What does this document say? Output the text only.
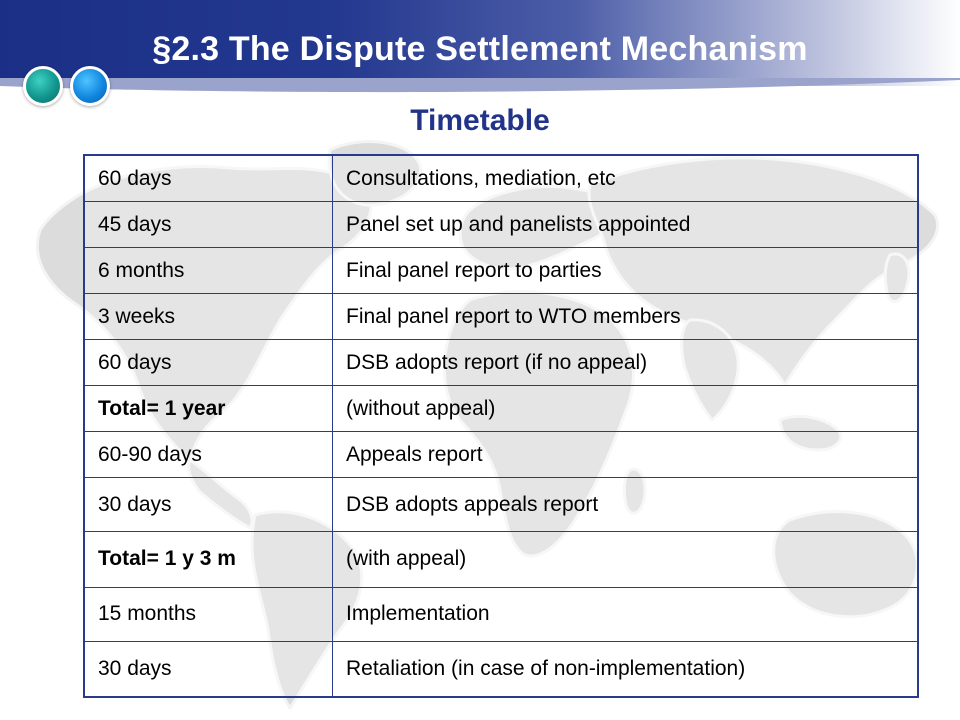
§2.3 The Dispute Settlement Mechanism
Timetable
60 days	Consultations, mediation, etc
45 days	Panel set up and panelists appointed
6 months	Final panel report to parties
3 weeks	Final panel report to WTO members
60 days	DSB adopts report (if no appeal)
Total= 1 year	(without appeal)
60-90 days	Appeals report
30 days	DSB adopts appeals report
Total= 1 y 3 m	(with appeal)
15 months	Implementation
30 days	Retaliation (in case of non-implementation)
